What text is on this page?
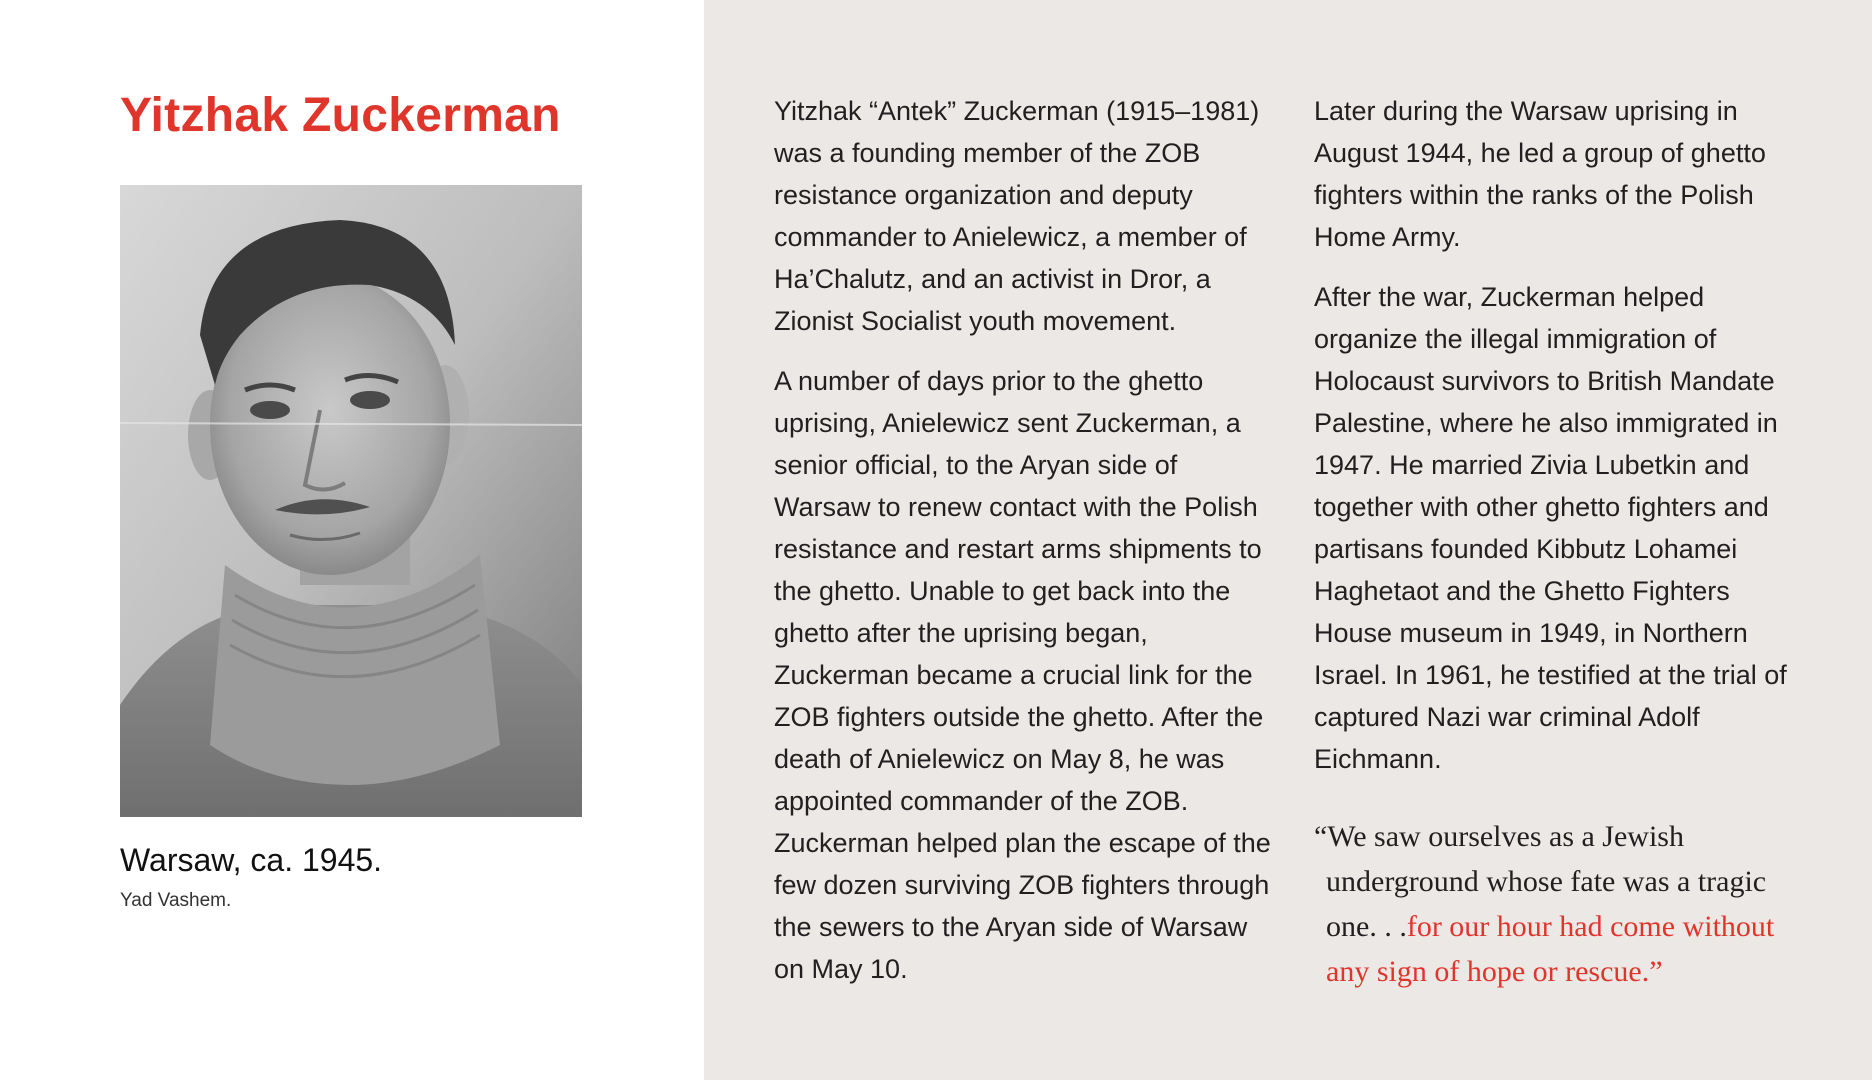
Yitzhak Zuckerman

Warsaw, ca. 1945.

Yad Vashem.

Yitzhak “Antek” Zuckerman (1915–1981) was a founding member of the ZOB resistance organization and deputy commander to Anielewicz, a member of Ha’Chalutz, and an activist in Dror, a Zionist Socialist youth movement.

A number of days prior to the ghetto uprising, Anielewicz sent Zuckerman, a senior official, to the Aryan side of Warsaw to renew contact with the Polish resistance and restart arms shipments to the ghetto. Unable to get back into the ghetto after the uprising began, Zuckerman became a crucial link for the ZOB fighters outside the ghetto. After the death of Anielewicz on May 8, he was appointed commander of the ZOB. Zuckerman helped plan the escape of the few dozen surviving ZOB fighters through the sewers to the Aryan side of Warsaw on May 10.

Later during the Warsaw uprising in August 1944, he led a group of ghetto fighters within the ranks of the Polish Home Army.

After the war, Zuckerman helped organize the illegal immigration of Holocaust survivors to British Mandate Palestine, where he also immigrated in 1947. He married Zivia Lubetkin and together with other ghetto fighters and partisans founded Kibbutz Lohamei Haghetaot and the Ghetto Fighters House museum in 1949, in Northern Israel. In 1961, he testified at the trial of captured Nazi war criminal Adolf Eichmann.

“We saw ourselves as a Jewish underground whose fate was a tragic one. . .for our hour had come without any sign of hope or rescue.”
